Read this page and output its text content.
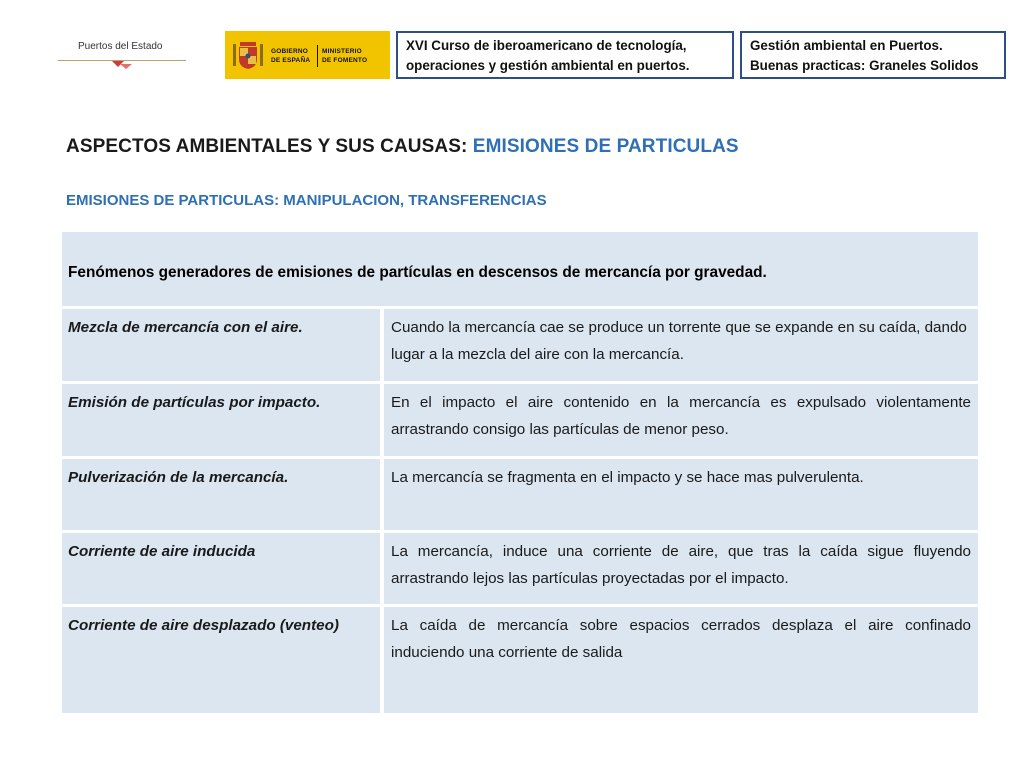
Puertos del Estado	GOBIERNO
DE ESPAÑA
MINISTERIO
DE FOMENTO
XVI Curso de iberoamericano de tecnología,
operaciones y gestión ambiental en puertos.
Gestión ambiental en Puertos.
Buenas practicas: Graneles Solidos
ASPECTOS AMBIENTALES Y SUS CAUSAS: EMISIONES DE PARTICULAS
EMISIONES DE PARTICULAS: MANIPULACION, TRANSFERENCIAS
Fenómenos generadores de emisiones de partículas en descensos de mercancía por gravedad.
Mezcla de mercancía con el aire.	Cuando la mercancía cae se produce un torrente que se expande en su caída, dando lugar a la mezcla del aire con la mercancía.
Emisión de partículas por impacto.	En el impacto el aire contenido en la mercancía es expulsado violentamente arrastrando consigo las partículas de menor peso.
Pulverización de la mercancía.	La mercancía se fragmenta en el impacto y se hace mas pulverulenta.
Corriente de aire inducida	La mercancía, induce una corriente de aire, que tras la caída sigue fluyendo arrastrando lejos las partículas proyectadas por el impacto.
Corriente de aire desplazado (venteo)	La caída de mercancía sobre espacios cerrados desplaza el aire confinado induciendo una corriente de salida
